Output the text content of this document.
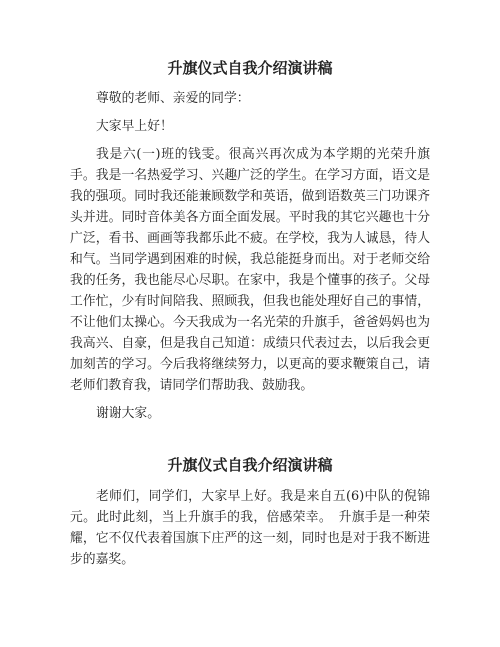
升旗仪式自我介绍演讲稿

尊敬的老师、亲爱的同学：

大家早上好！

我是六(一)班的钱雯。很高兴再次成为本学期的光荣升旗手。我是一名热爱学习、兴趣广泛的学生。在学习方面，语文是我的强项。同时我还能兼顾数学和英语，做到语数英三门功课齐头并进。同时音体美各方面全面发展。平时我的其它兴趣也十分广泛，看书、画画等我都乐此不疲。在学校，我为人诚恳，待人和气。当同学遇到困难的时候，我总能挺身而出。对于老师交给我的任务，我也能尽心尽职。在家中，我是个懂事的孩子。父母工作忙，少有时间陪我、照顾我，但我也能处理好自己的事情，不让他们太操心。今天我成为一名光荣的升旗手，爸爸妈妈也为我高兴、自豪，但是我自己知道：成绩只代表过去，以后我会更加刻苦的学习。今后我将继续努力，以更高的要求鞭策自己，请老师们教育我，请同学们帮助我、鼓励我。

谢谢大家。

升旗仪式自我介绍演讲稿

老师们，同学们，大家早上好。我是来自五(6)中队的倪锦元。此时此刻，当上升旗手的我，倍感荣幸。　升旗手是一种荣耀，它不仅代表着国旗下庄严的这一刻，同时也是对于我不断进步的嘉奖。
